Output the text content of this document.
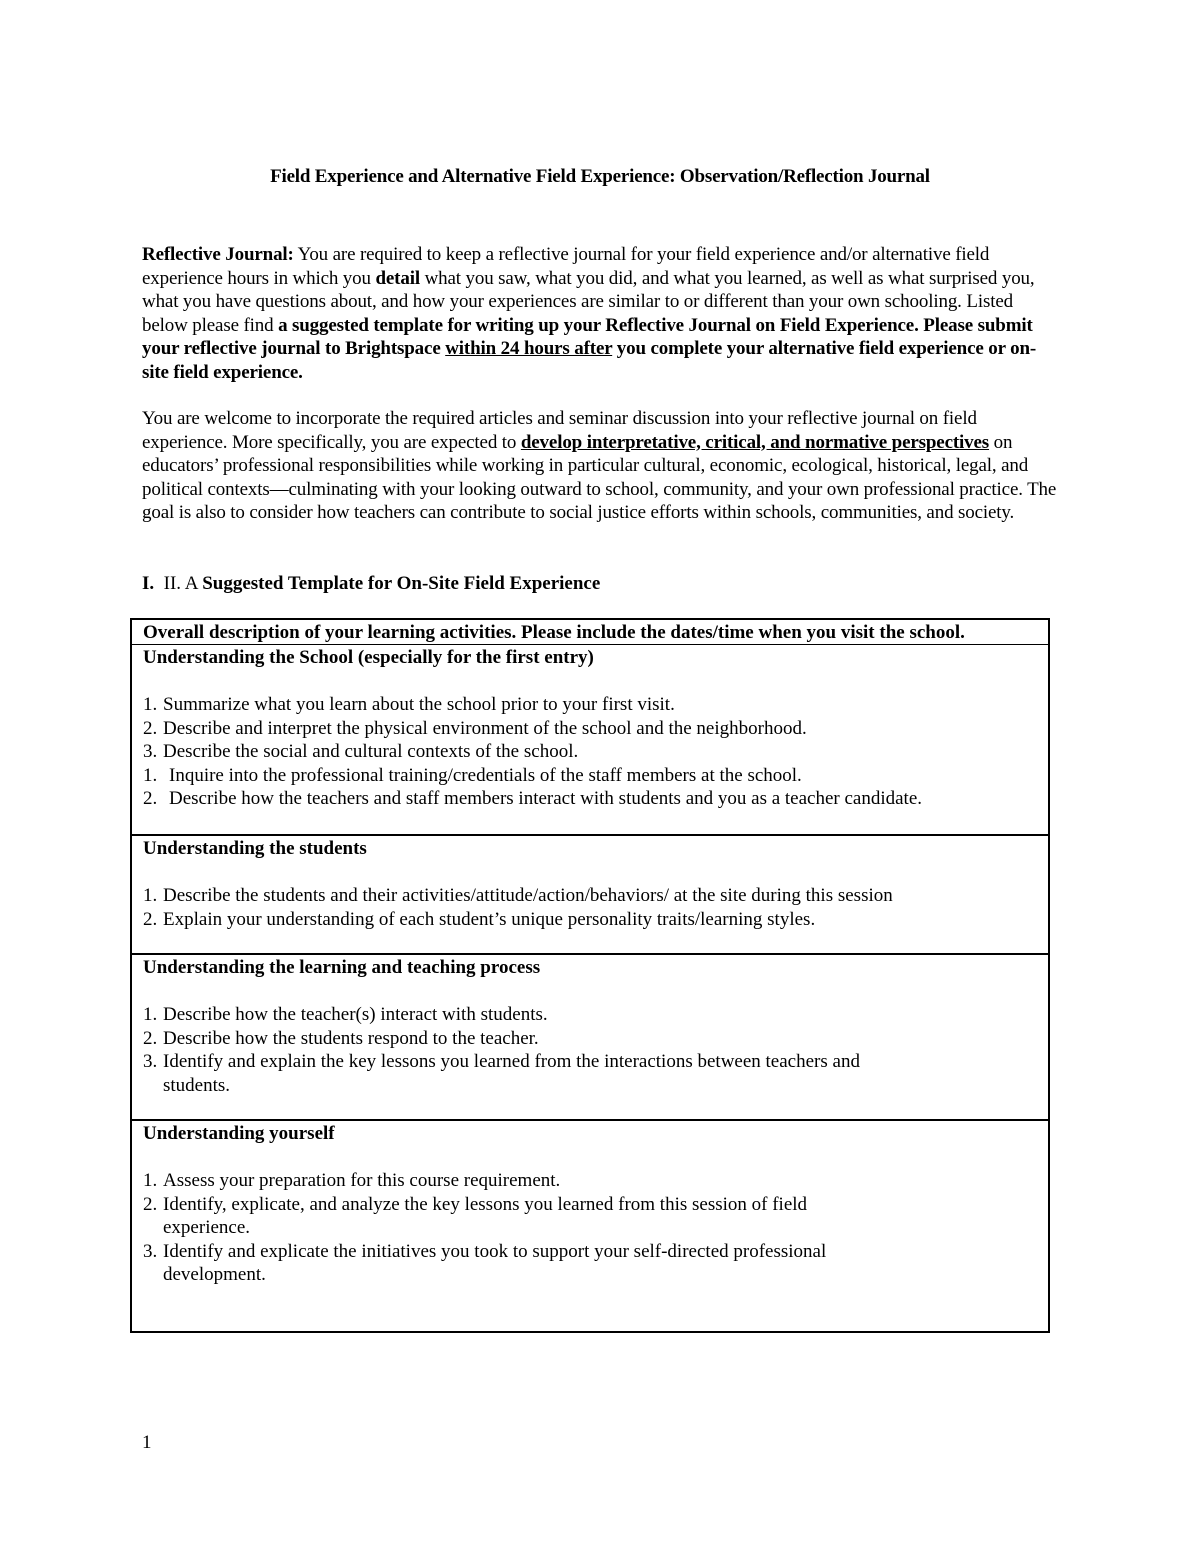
Field Experience and Alternative Field Experience: Observation/Reflection Journal

Reflective Journal: You are required to keep a reflective journal for your field experience and/or alternative field experience hours in which you detail what you saw, what you did, and what you learned, as well as what surprised you, what you have questions about, and how your experiences are similar to or different than your own schooling. Listed below please find a suggested template for writing up your Reflective Journal on Field Experience. Please submit your reflective journal to Brightspace within 24 hours after you complete your alternative field experience or on-site field experience.

You are welcome to incorporate the required articles and seminar discussion into your reflective journal on field experience. More specifically, you are expected to develop interpretative, critical, and normative perspectives on educators’ professional responsibilities while working in particular cultural, economic, ecological, historical, legal, and political contexts—culminating with your looking outward to school, community, and your own professional practice. The goal is also to consider how teachers can contribute to social justice efforts within schools, communities, and society.

I.  II. A Suggested Template for On-Site Field Experience

Overall description of your learning activities. Please include the dates/time when you visit the school.
Understanding the School (especially for the first entry)
1. Summarize what you learn about the school prior to your first visit.
2. Describe and interpret the physical environment of the school and the neighborhood.
3. Describe the social and cultural contexts of the school.
1. Inquire into the professional training/credentials of the staff members at the school.
2. Describe how the teachers and staff members interact with students and you as a teacher candidate.
Understanding the students
1. Describe the students and their activities/attitude/action/behaviors/ at the site during this session
2. Explain your understanding of each student’s unique personality traits/learning styles.
Understanding the learning and teaching process
1. Describe how the teacher(s) interact with students.
2. Describe how the students respond to the teacher.
3. Identify and explain the key lessons you learned from the interactions between teachers and students.
Understanding yourself
1. Assess your preparation for this course requirement.
2. Identify, explicate, and analyze the key lessons you learned from this session of field experience.
3. Identify and explicate the initiatives you took to support your self-directed professional development.
1
